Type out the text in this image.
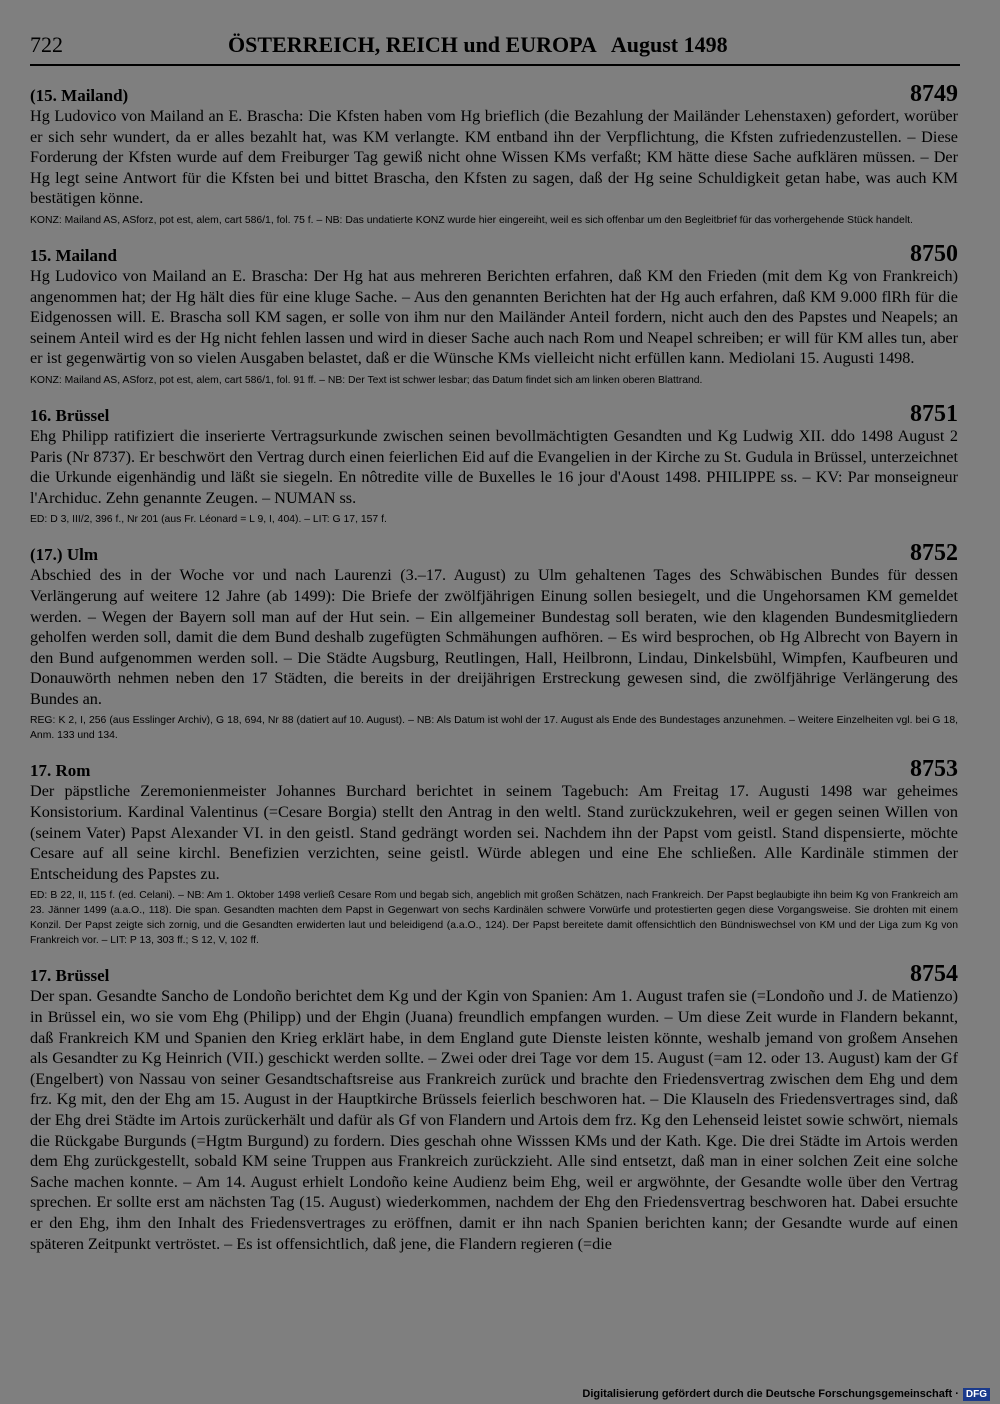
722	ÖSTERREICH, REICH und EUROPA   August 1498
(15. Mailand)	8749

Hg Ludovico von Mailand an E. Brascha: Die Kfsten haben vom Hg brieflich (die Bezahlung der Mailänder Lehenstaxen) gefordert, worüber er sich sehr wundert, da er alles bezahlt hat, was KM verlangte. KM entband ihn der Verpflichtung, die Kfsten zufriedenzustellen. – Diese Forderung der Kfsten wurde auf dem Freiburger Tag gewiß nicht ohne Wissen KMs verfaßt; KM hätte diese Sache aufklären müssen. – Der Hg legt seine Antwort für die Kfsten bei und bittet Brascha, den Kfsten zu sagen, daß der Hg seine Schuldigkeit getan habe, was auch KM bestätigen könne.

KONZ: Mailand AS, ASforz, pot est, alem, cart 586/1, fol. 75 f. – NB: Das undatierte KONZ wurde hier eingereiht, weil es sich offenbar um den Begleitbrief für das vorhergehende Stück handelt.

15. Mailand	8750

Hg Ludovico von Mailand an E. Brascha: Der Hg hat aus mehreren Berichten erfahren, daß KM den Frieden (mit dem Kg von Frankreich) angenommen hat; der Hg hält dies für eine kluge Sache. – Aus den genannten Berichten hat der Hg auch erfahren, daß KM 9.000 flRh für die Eidgenossen will. E. Brascha soll KM sagen, er solle von ihm nur den Mailänder Anteil fordern, nicht auch den des Papstes und Neapels; an seinem Anteil wird es der Hg nicht fehlen lassen und wird in dieser Sache auch nach Rom und Neapel schreiben; er will für KM alles tun, aber er ist gegenwärtig von so vielen Ausgaben belastet, daß er die Wünsche KMs vielleicht nicht erfüllen kann. Mediolani 15. Augusti 1498.

KONZ: Mailand AS, ASforz, pot est, alem, cart 586/1, fol. 91 ff. – NB: Der Text ist schwer lesbar; das Datum findet sich am linken oberen Blattrand.

16. Brüssel	8751

Ehg Philipp ratifiziert die inserierte Vertragsurkunde zwischen seinen bevollmächtigten Gesandten und Kg Ludwig XII. ddo 1498 August 2 Paris (Nr 8737). Er beschwört den Vertrag durch einen feierlichen Eid auf die Evangelien in der Kirche zu St. Gudula in Brüssel, unterzeichnet die Urkunde eigenhändig und läßt sie siegeln. En nôtredite ville de Buxelles le 16 jour d'Aoust 1498. PHILIPPE ss. – KV: Par monseigneur l'Archiduc. Zehn genannte Zeugen. – NUMAN ss.

ED: D 3, III/2, 396 f., Nr 201 (aus Fr. Léonard = L 9, I, 404). – LIT: G 17, 157 f.

(17.) Ulm	8752

Abschied des in der Woche vor und nach Laurenzi (3.–17. August) zu Ulm gehaltenen Tages des Schwäbischen Bundes für dessen Verlängerung auf weitere 12 Jahre (ab 1499): Die Briefe der zwölfjährigen Einung sollen besiegelt, und die Ungehorsamen KM gemeldet werden. – Wegen der Bayern soll man auf der Hut sein. – Ein allgemeiner Bundestag soll beraten, wie den klagenden Bundesmitgliedern geholfen werden soll, damit die dem Bund deshalb zugefügten Schmähungen aufhören. – Es wird besprochen, ob Hg Albrecht von Bayern in den Bund aufgenommen werden soll. – Die Städte Augsburg, Reutlingen, Hall, Heilbronn, Lindau, Dinkelsbühl, Wimpfen, Kaufbeuren und Donauwörth nehmen neben den 17 Städten, die bereits in der dreijährigen Erstreckung gewesen sind, die zwölfjährige Verlängerung des Bundes an.

REG: K 2, I, 256 (aus Esslinger Archiv), G 18, 694, Nr 88 (datiert auf 10. August). – NB: Als Datum ist wohl der 17. August als Ende des Bundestages anzunehmen. – Weitere Einzelheiten vgl. bei G 18, Anm. 133 und 134.

17. Rom	8753

Der päpstliche Zeremonienmeister Johannes Burchard berichtet in seinem Tagebuch: Am Freitag 17. Augusti 1498 war geheimes Konsistorium. Kardinal Valentinus (=Cesare Borgia) stellt den Antrag in den weltl. Stand zurückzukehren, weil er gegen seinen Willen von (seinem Vater) Papst Alexander VI. in den geistl. Stand gedrängt worden sei. Nachdem ihn der Papst vom geistl. Stand dispensierte, möchte Cesare auf all seine kirchl. Benefizien verzichten, seine geistl. Würde ablegen und eine Ehe schließen. Alle Kardinäle stimmen der Entscheidung des Papstes zu.

ED: B 22, II, 115 f. (ed. Celani). – NB: Am 1. Oktober 1498 verließ Cesare Rom und begab sich, angeblich mit großen Schätzen, nach Frankreich. Der Papst beglaubigte ihn beim Kg von Frankreich am 23. Jänner 1499 (a.a.O., 118). Die span. Gesandten machten dem Papst in Gegenwart von sechs Kardinälen schwere Vorwürfe und protestierten gegen diese Vorgangsweise. Sie drohten mit einem Konzil. Der Papst zeigte sich zornig, und die Gesandten erwiderten laut und beleidigend (a.a.O., 124). Der Papst bereitete damit offensichtlich den Bündniswechsel von KM und der Liga zum Kg von Frankreich vor. – LIT: P 13, 303 ff.; S 12, V, 102 ff.

17. Brüssel	8754

Der span. Gesandte Sancho de Londoño berichtet dem Kg und der Kgin von Spanien: Am 1. August trafen sie (=Londoño und J. de Matienzo) in Brüssel ein, wo sie vom Ehg (Philipp) und der Ehgin (Juana) freundlich empfangen wurden. – Um diese Zeit wurde in Flandern bekannt, daß Frankreich KM und Spanien den Krieg erklärt habe, in dem England gute Dienste leisten könnte, weshalb jemand von großem Ansehen als Gesandter zu Kg Heinrich (VII.) geschickt werden sollte. – Zwei oder drei Tage vor dem 15. August (=am 12. oder 13. August) kam der Gf (Engelbert) von Nassau von seiner Gesandtschaftsreise aus Frankreich zurück und brachte den Friedensvertrag zwischen dem Ehg und dem frz. Kg mit, den der Ehg am 15. August in der Hauptkirche Brüssels feierlich beschworen hat. – Die Klauseln des Friedensvertrages sind, daß der Ehg drei Städte im Artois zurückerhält und dafür als Gf von Flandern und Artois dem frz. Kg den Lehenseid leistet sowie schwört, niemals die Rückgabe Burgunds (=Hgtm Burgund) zu fordern. Dies geschah ohne Wisssen KMs und der Kath. Kge. Die drei Städte im Artois werden dem Ehg zurückgestellt, sobald KM seine Truppen aus Frankreich zurückzieht. Alle sind entsetzt, daß man in einer solchen Zeit eine solche Sache machen konnte. – Am 14. August erhielt Londoño keine Audienz beim Ehg, weil er argwöhnte, der Gesandte wolle über den Vertrag sprechen. Er sollte erst am nächsten Tag (15. August) wiederkommen, nachdem der Ehg den Friedensvertrag beschworen hat. Dabei ersuchte er den Ehg, ihm den Inhalt des Friedensvertrages zu eröffnen, damit er ihn nach Spanien berichten kann; der Gesandte wurde auf einen späteren Zeitpunkt vertröstet. – Es ist offensichtlich, daß jene, die Flandern regieren (=die

Digitalisierung gefördert durch die Deutsche Forschungsgemeinschaft · DFG
